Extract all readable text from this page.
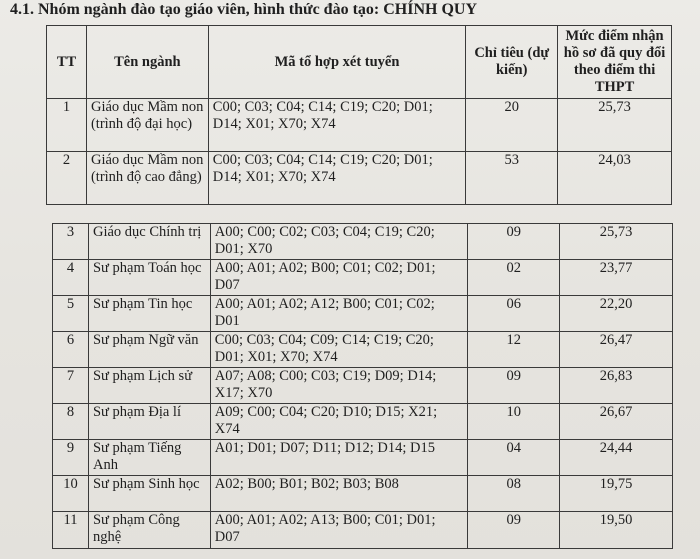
4.1. Nhóm ngành đào tạo giáo viên, hình thức đào tạo: CHÍNH QUY
TT	Tên ngành	Mã tổ hợp xét tuyển	Chỉ tiêu (dự kiến)	Mức điểm nhận hồ sơ đã quy đổi theo điểm thi THPT
1	Giáo dục Mầm non (trình độ đại học)	C00; C03; C04; C14; C19; C20; D01; D14; X01; X70; X74	20	25,73
2	Giáo dục Mầm non (trình độ cao đẳng)	C00; C03; C04; C14; C19; C20; D01; D14; X01; X70; X74	53	24,03
3	Giáo dục Chính trị	A00; C00; C02; C03; C04; C19; C20; D01; X70	09	25,73
4	Sư phạm Toán học	A00; A01; A02; B00; C01; C02; D01; D07	02	23,77
5	Sư phạm Tin học	A00; A01; A02; A12; B00; C01; C02; D01	06	22,20
6	Sư phạm Ngữ văn	C00; C03; C04; C09; C14; C19; C20; D01; X01; X70; X74	12	26,47
7	Sư phạm Lịch sử	A07; A08; C00; C03; C19; D09; D14; X17; X70	09	26,83
8	Sư phạm Địa lí	A09; C00; C04; C20; D10; D15; X21; X74	10	26,67
9	Sư phạm Tiếng Anh	A01; D01; D07; D11; D12; D14; D15	04	24,44
10	Sư phạm Sinh học	A02; B00; B01; B02; B03; B08	08	19,75
11	Sư phạm Công nghệ	A00; A01; A02; A13; B00; C01; D01; D07	09	19,50
